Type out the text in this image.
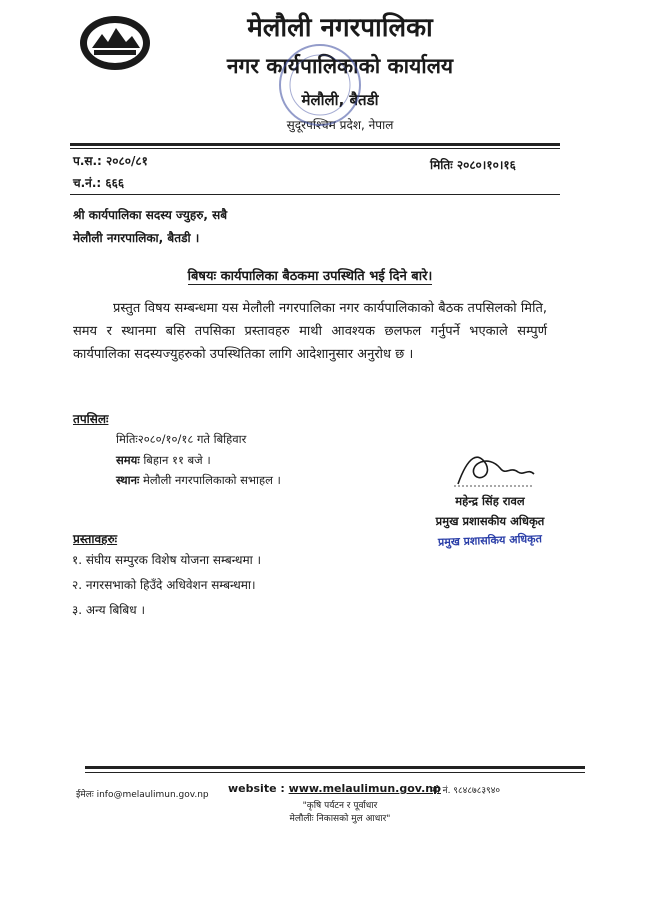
मेलौली नगरपालिका
नगर कार्यपालिकाको कार्यालय
मेलौली, बैतडी
सुदूरपश्चिम प्रदेश, नेपाल
प.स.: २०८०/८१	मितिः २०८०।१०।१६
च.नं.: ६६६
श्री कार्यपालिका सदस्य ज्युहरु, सबै
मेलौली नगरपालिका, बैतडी ।
बिषयः कार्यपालिका बैठकमा उपस्थिति भई दिने बारे।
प्रस्तुत विषय सम्बन्धमा यस मेलौली नगरपालिका नगर कार्यपालिकाको बैठक तपसिलको मिति, समय र स्थानमा बसि तपसिका प्रस्तावहरु माथी आवश्यक छलफल गर्नुपर्ने भएकाले सम्पुर्ण कार्यपालिका सदस्यज्युहरुको उपस्थितिका लागि आदेशानुसार अनुरोध छ ।
तपसिलः
मितिः२०८०/१०/१८ गते बिहिवार
समयः बिहान ११ बजे ।
स्थानः मेलौली नगरपालिकाको सभाहल ।
महेन्द्र सिंह रावल
प्रमुख प्रशासकीय अधिकृत
प्रमुख प्रशासकिय अधिकृत
प्रस्तावहरुः
१. संघीय सम्पुरक विशेष योजना सम्बन्धमा ।
२. नगरसभाको हिउँदे अधिवेशन सम्बन्धमा।
३. अन्य बिबिध ।
ईमेलः info@melaulimun.gov.np website : www.melaulimun.gov.np
मो नं. ९८४८७८३९४०
"कृषि पर्यटन र पूर्वाधार
मेलौलीः निकासको मुल आधार"
